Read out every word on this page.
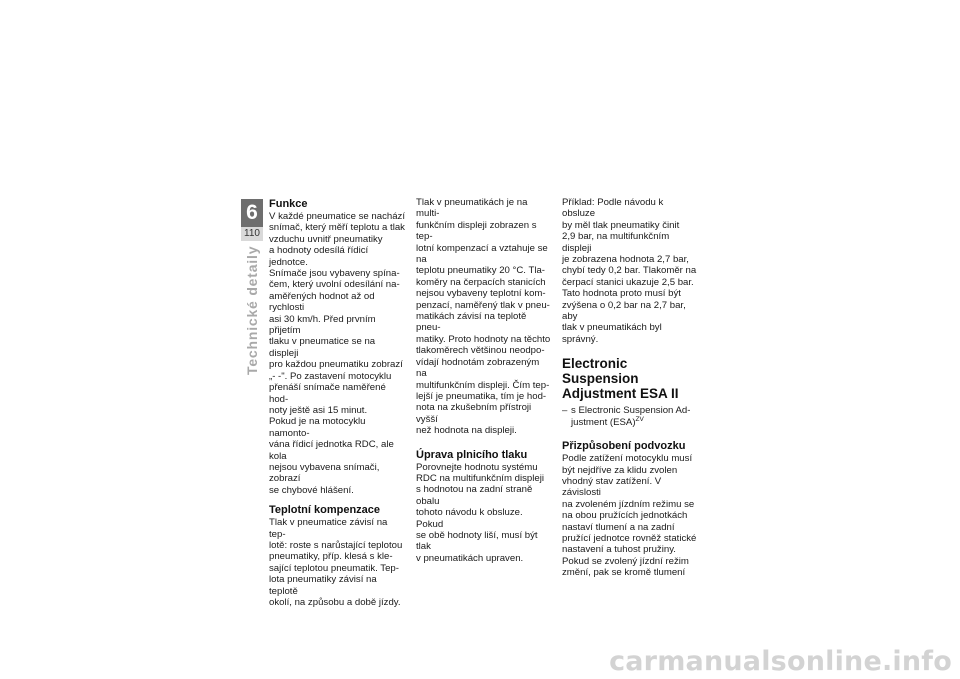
6
110
Technické detaily
Funkce

V každé pneumatice se nachází
snímač, který měří teplotu a tlak
vzduchu uvnitř pneumatiky
a hodnoty odesílá řídicí jednotce.
Snímače jsou vybaveny spína-
čem, který uvolní odesílání na-
aměřených hodnot až od rychlosti
asi 30 km/h. Před prvním přijetím
tlaku v pneumatice se na displeji
pro každou pneumatiku zobrazí
„- -". Po zastavení motocyklu
přenáší snímače naměřené hod-
noty ještě asi 15 minut.
Pokud je na motocyklu namonto-
vána řídicí jednotka RDC, ale kola
nejsou vybavena snímači, zobrazí
se chybové hlášení.

Teplotní kompenzace

Tlak v pneumatice závisí na tep-
lotě: roste s narůstající teplotou
pneumatiky, příp. klesá s kle-
sající teplotou pneumatik. Tep-
lota pneumatiky závisí na teplotě
okolí, na způsobu a době jízdy.

Tlak v pneumatikách je na multi-
funkčním displeji zobrazen s tep-
lotní kompenzací a vztahuje se na
teplotu pneumatiky 20 °C. Tla-
koměry na čerpacích stanicích
nejsou vybaveny teplotní kom-
penzací, naměřený tlak v pneu-
matikách závisí na teplotě pneu-
matiky. Proto hodnoty na těchto
tlakoměrech většinou neodpo-
vídají hodnotám zobrazeným na
multifunkčním displeji. Čím tep-
lejší je pneumatika, tím je hod-
nota na zkušebním přístroji vyšší
než hodnota na displeji.

Úprava plnicího tlaku

Porovnejte hodnotu systému
RDC na multifunkčním displeji
s hodnotou na zadní straně obalu
tohoto návodu k obsluze. Pokud
se obě hodnoty liší, musí být tlak
v pneumatikách upraven.

Příklad: Podle návodu k obsluze
by měl tlak pneumatiky činit
2,9 bar, na multifunkčním displeji
je zobrazena hodnota 2,7 bar,
chybí tedy 0,2 bar. Tlakoměr na
čerpací stanici ukazuje 2,5 bar.
Tato hodnota proto musí být
zvýšena o 0,2 bar na 2,7 bar, aby
tlak v pneumatikách byl správný.

Electronic Suspension
Adjustment ESA II
– s Electronic Suspension Ad-
justment (ESA)$^{ZV}$
Přizpůsobení podvozku

Podle zatížení motocyklu musí
být nejdříve za klidu zvolen
vhodný stav zatížení. V závislosti
na zvoleném jízdním režimu se
na obou pružících jednotkách
nastaví tlumení a na zadní
pružící jednotce rovněž statické
nastavení a tuhost pružiny.
Pokud se zvolený jízdní režim
změní, pak se kromě tlumení

carmanualsonline.info
